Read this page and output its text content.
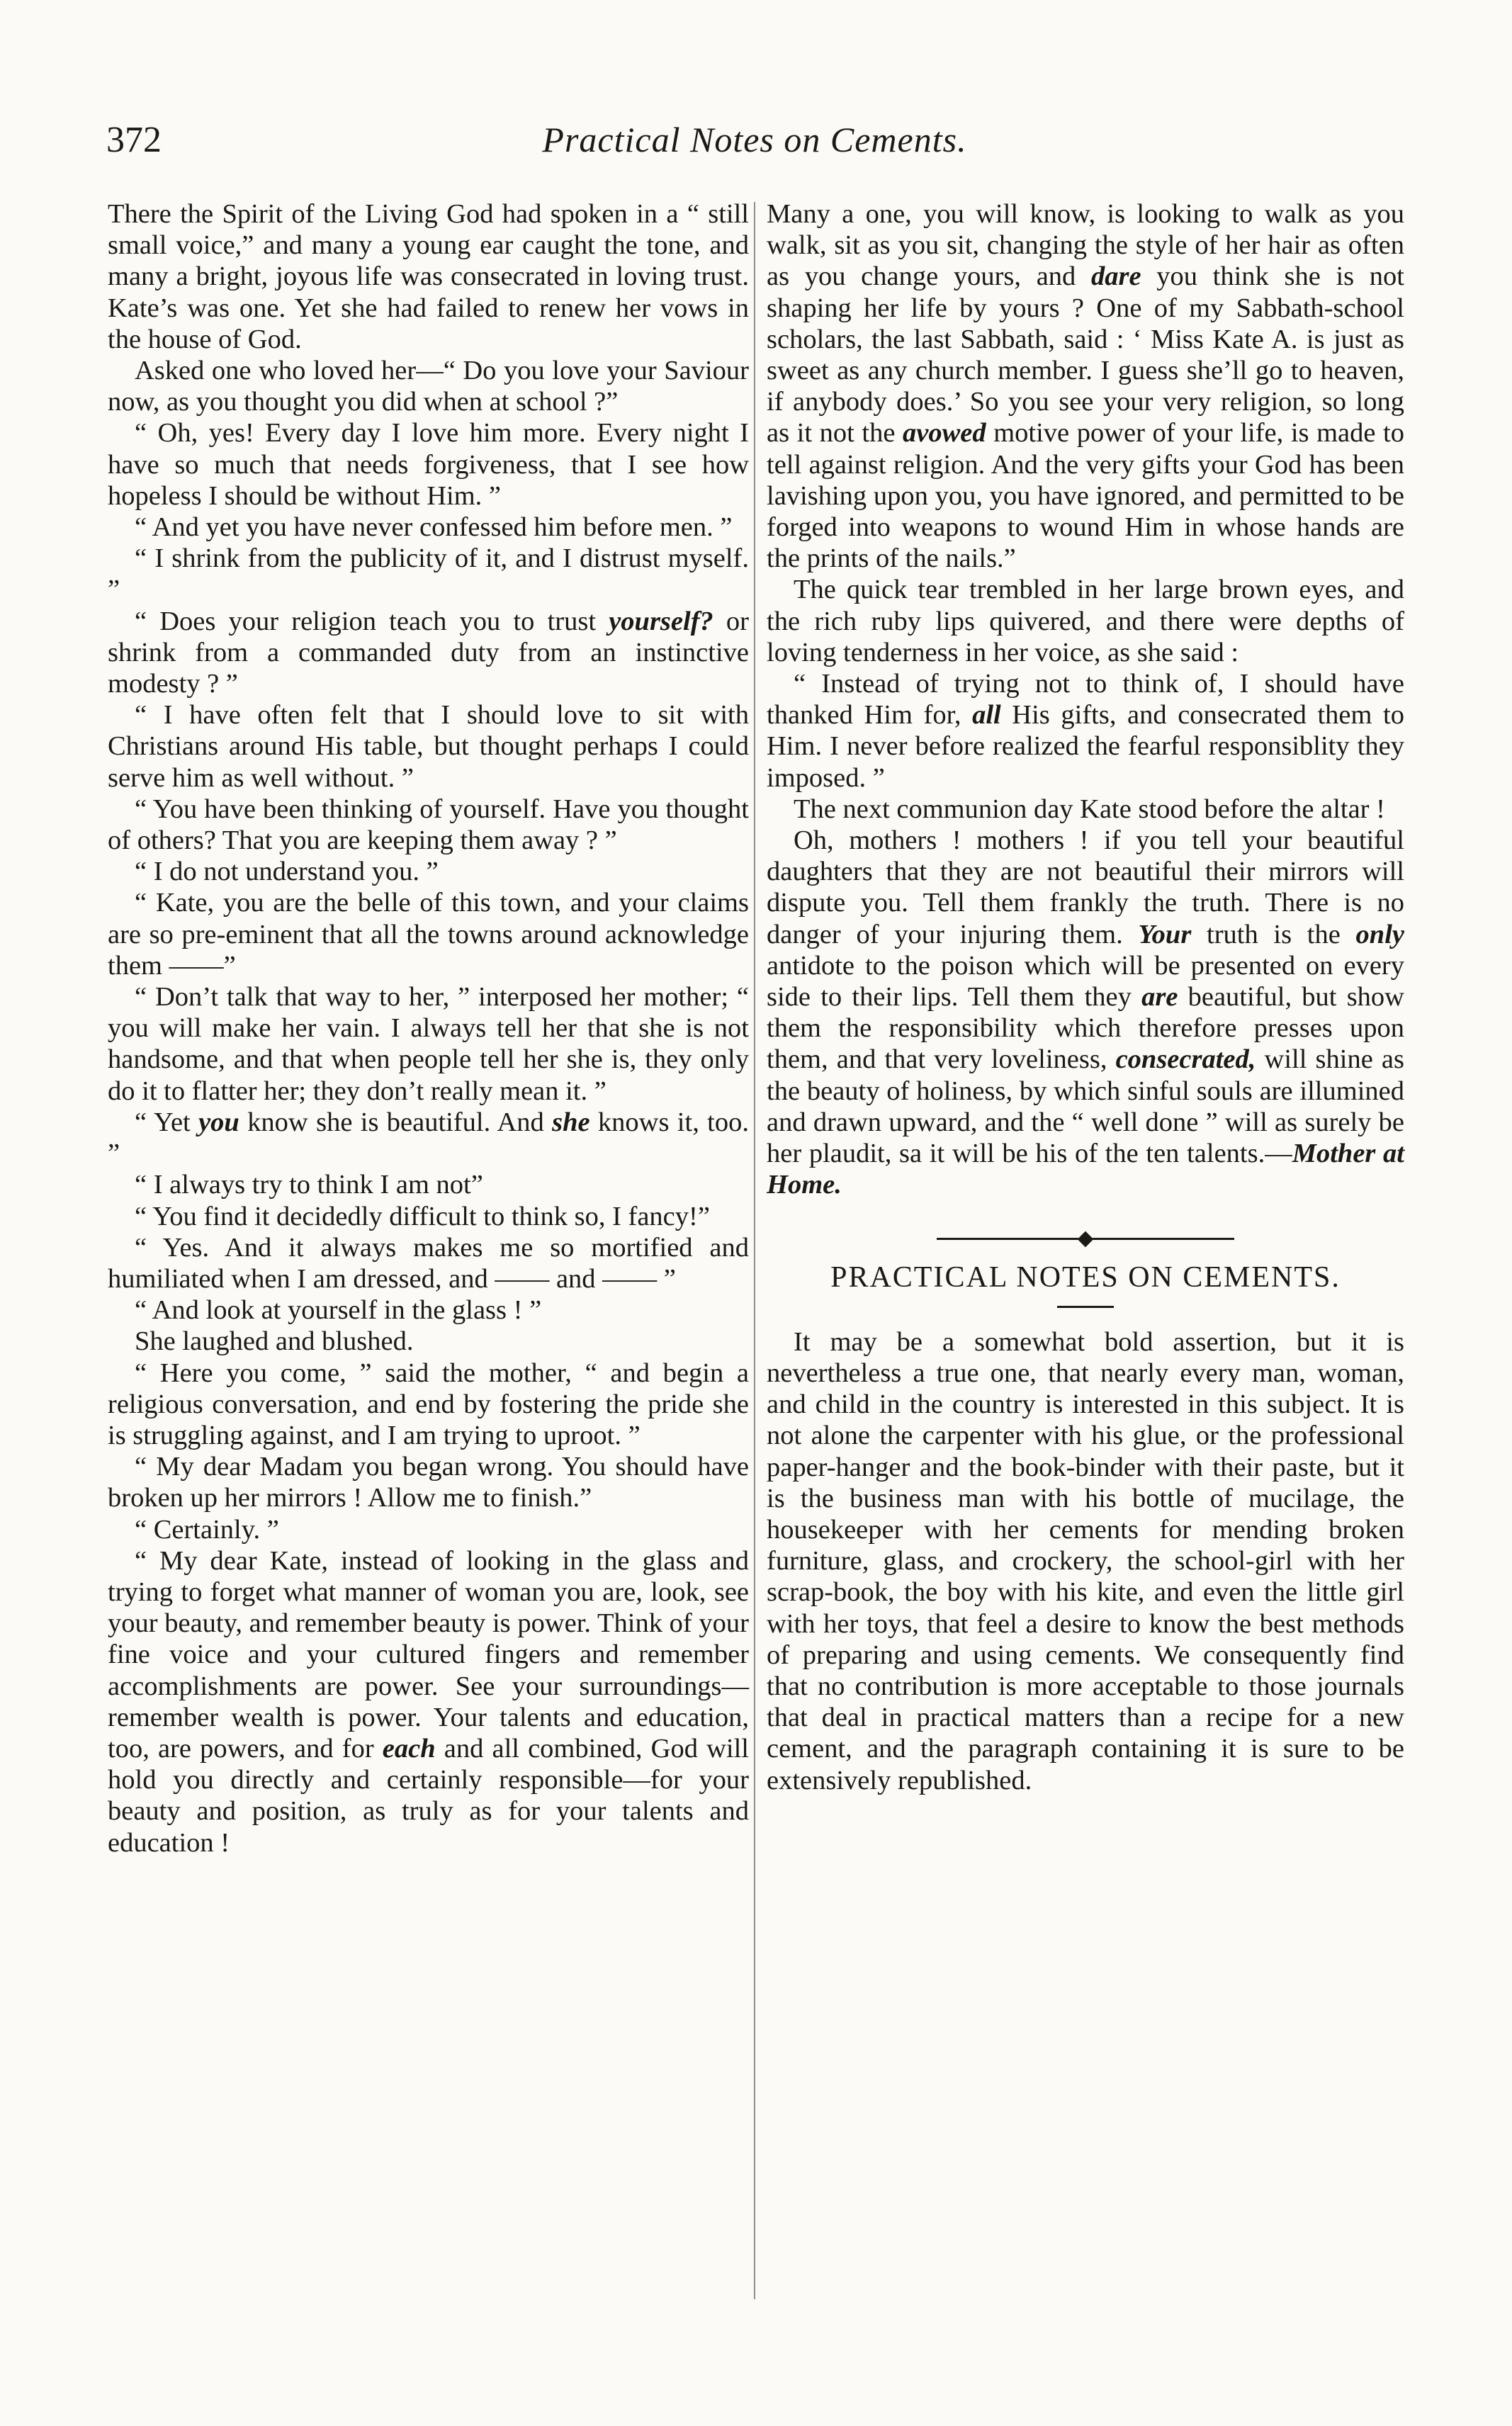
372	Practical Notes on Cements.

There the Spirit of the Living God had spoken in a “ still small voice,” and many a young ear caught the tone, and many a bright, joyous life was consecrated in loving trust. Kate’s was one. Yet she had failed to renew her vows in the house of God.

Asked one who loved her—“ Do you love your Saviour now, as you thought you did when at school ?”

“ Oh, yes! Every day I love him more. Every night I have so much that needs forgiveness, that I see how hopeless I should be without Him. ”

“ And yet you have never confessed him before men. ”

“ I shrink from the publicity of it, and I distrust myself. ”

“ Does your religion teach you to trust yourself? or shrink from a commanded duty from an instinctive modesty ? ”

“ I have often felt that I should love to sit with Christians around His table, but thought perhaps I could serve him as well without. ”

“ You have been thinking of yourself. Have you thought of others? That you are keeping them away ? ”

“ I do not understand you. ”

“ Kate, you are the belle of this town, and your claims are so pre-eminent that all the towns around acknowledge them ——”

“ Don’t talk that way to her, ” interposed her mother; “ you will make her vain. I always tell her that she is not handsome, and that when people tell her she is, they only do it to flatter her; they don’t really mean it. ”

“ Yet you know she is beautiful. And she knows it, too. ”

“ I always try to think I am not”

“ You find it decidedly difficult to think so, I fancy!”

“ Yes. And it always makes me so mortified and humiliated when I am dressed, and —— and —— ”

“ And look at yourself in the glass ! ”

She laughed and blushed.

“ Here you come, ” said the mother, “ and begin a religious conversation, and end by fostering the pride she is struggling against, and I am trying to uproot. ”

“ My dear Madam you began wrong. You should have broken up her mirrors ! Allow me to finish.”

“ Certainly. ”

“ My dear Kate, instead of looking in the glass and trying to forget what manner of woman you are, look, see your beauty, and remember beauty is power. Think of your fine voice and your cultured fingers and remember accomplishments are power. See your surroundings—remember wealth is power. Your talents and education, too, are powers, and for each and all combined, God will hold you directly and certainly responsible—for your beauty and position, as truly as for your talents and education !

Many a one, you will know, is looking to walk as you walk, sit as you sit, changing the style of her hair as often as you change yours, and dare you think she is not shaping her life by yours ? One of my Sabbath-school scholars, the last Sabbath, said : ‘ Miss Kate A. is just as sweet as any church member. I guess she’ll go to heaven, if anybody does.’ So you see your very religion, so long as it not the avowed motive power of your life, is made to tell against religion. And the very gifts your God has been lavishing upon you, you have ignored, and permitted to be forged into weapons to wound Him in whose hands are the prints of the nails.”

The quick tear trembled in her large brown eyes, and the rich ruby lips quivered, and there were depths of loving tenderness in her voice, as she said :

“ Instead of trying not to think of, I should have thanked Him for, all His gifts, and consecrated them to Him. I never before realized the fearful responsiblity they imposed. ”

The next communion day Kate stood before the altar !

Oh, mothers ! mothers ! if you tell your beautiful daughters that they are not beautiful their mirrors will dispute you. Tell them frankly the truth. There is no danger of your injuring them. Your truth is the only antidote to the poison which will be presented on every side to their lips. Tell them they are beautiful, but show them the responsibility which therefore presses upon them, and that very loveliness, consecrated, will shine as the beauty of holiness, by which sinful souls are illumined and drawn upward, and the “ well done ” will as surely be her plaudit, sa it will be his of the ten talents.—Mother at Home.

PRACTICAL NOTES ON CEMENTS.

It may be a somewhat bold assertion, but it is nevertheless a true one, that nearly every man, woman, and child in the country is interested in this subject. It is not alone the carpenter with his glue, or the professional paper-hanger and the book-binder with their paste, but it is the business man with his bottle of mucilage, the housekeeper with her cements for mending broken furniture, glass, and crockery, the school-girl with her scrap-book, the boy with his kite, and even the little girl with her toys, that feel a desire to know the best methods of preparing and using cements. We consequently find that no contribution is more acceptable to those journals that deal in practical matters than a recipe for a new cement, and the paragraph containing it is sure to be extensively republished.
